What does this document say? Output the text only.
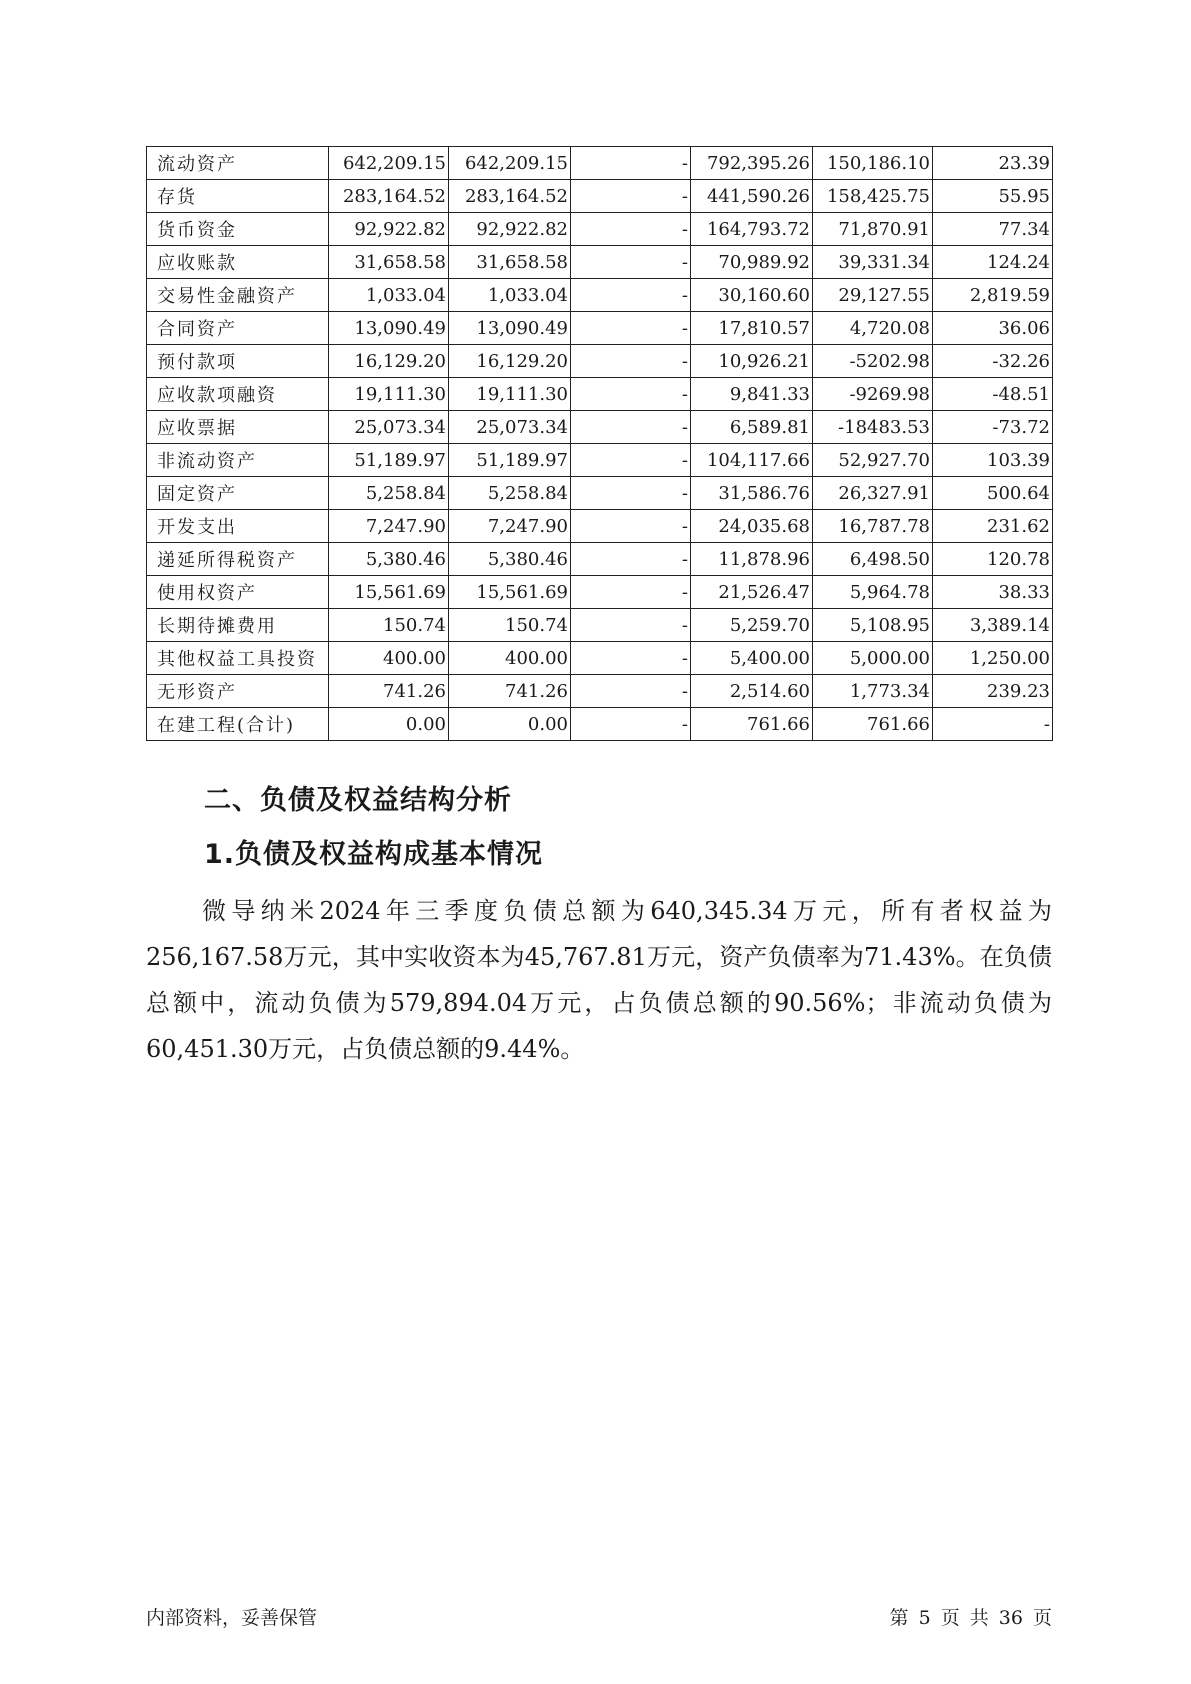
流动资产	642,209.15	642,209.15	-	792,395.26	150,186.10	23.39
存货	283,164.52	283,164.52	-	441,590.26	158,425.75	55.95
货币资金	92,922.82	92,922.82	-	164,793.72	71,870.91	77.34
应收账款	31,658.58	31,658.58	-	70,989.92	39,331.34	124.24
交易性金融资产	1,033.04	1,033.04	-	30,160.60	29,127.55	2,819.59
合同资产	13,090.49	13,090.49	-	17,810.57	4,720.08	36.06
预付款项	16,129.20	16,129.20	-	10,926.21	-5202.98	-32.26
应收款项融资	19,111.30	19,111.30	-	9,841.33	-9269.98	-48.51
应收票据	25,073.34	25,073.34	-	6,589.81	-18483.53	-73.72
非流动资产	51,189.97	51,189.97	-	104,117.66	52,927.70	103.39
固定资产	5,258.84	5,258.84	-	31,586.76	26,327.91	500.64
开发支出	7,247.90	7,247.90	-	24,035.68	16,787.78	231.62
递延所得税资产	5,380.46	5,380.46	-	11,878.96	6,498.50	120.78
使用权资产	15,561.69	15,561.69	-	21,526.47	5,964.78	38.33
长期待摊费用	150.74	150.74	-	5,259.70	5,108.95	3,389.14
其他权益工具投资	400.00	400.00	-	5,400.00	5,000.00	1,250.00
无形资产	741.26	741.26	-	2,514.60	1,773.34	239.23
在建工程(合计)	0.00	0.00	-	761.66	761.66	-
二、负债及权益结构分析
1.负债及权益构成基本情况

微导纳米2024年三季度负债总额为640,345.34万元，所有者权益为256,167.58万元，其中实收资本为45,767.81万元，资产负债率为71.43%。在负债总额中，流动负债为579,894.04万元，占负债总额的90.56%；非流动负债为60,451.30万元，占负债总额的9.44%。

内部资料，妥善保管	第 5 页 共 36 页
